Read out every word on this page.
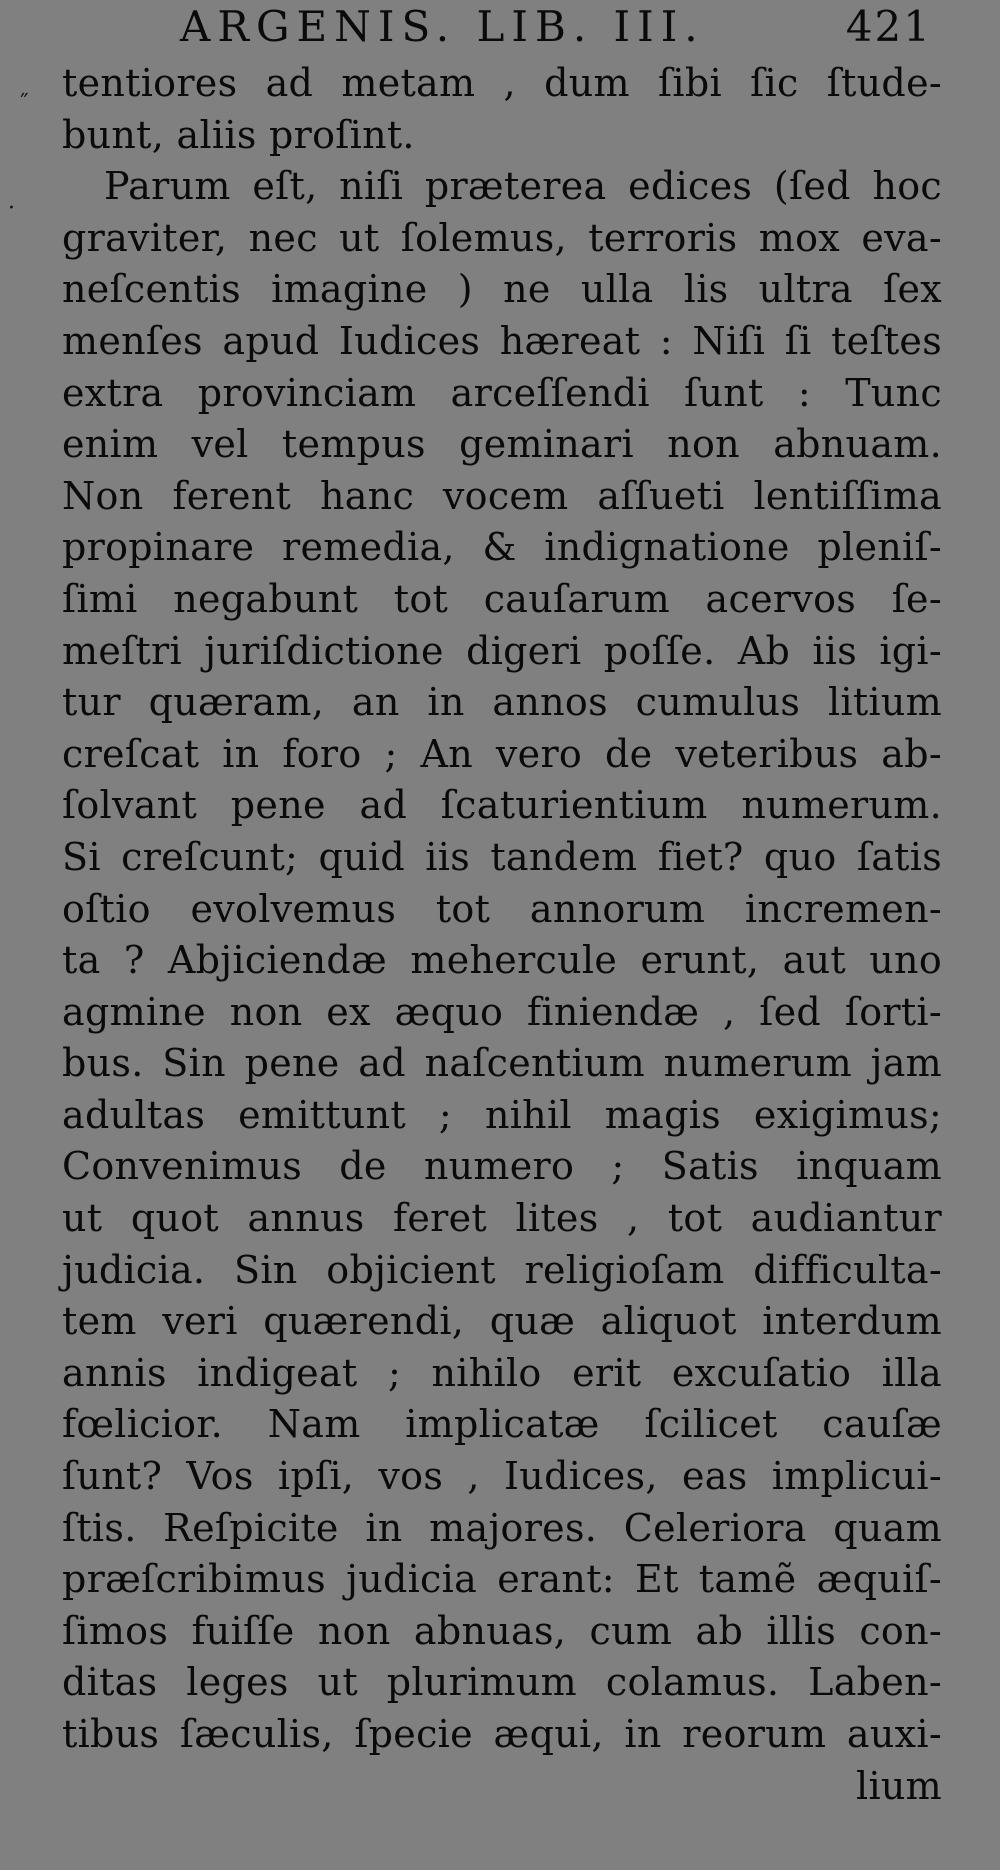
ARGENIS. LIB. III.	421
˝
·
tentiores ad metam , dum ſibi ſic ſtude-
bunt, aliis proſint.
Parum eſt, niſi præterea edices (ſed hoc
graviter, nec ut ſolemus, terroris mox eva-
neſcentis imagine ) ne ulla lis ultra ſex
menſes apud Iudices hæreat : Niſi ſi teſtes
extra provinciam arceſſendi ſunt : Tunc
enim vel tempus geminari non abnuam.
Non ferent hanc vocem aſſueti lentiſſima
propinare remedia, & indignatione pleniſ-
ſimi negabunt tot cauſarum acervos ſe-
meſtri juriſdictione digeri poſſe. Ab iis igi-
tur quæram, an in annos cumulus litium
creſcat in foro ; An vero de veteribus ab-
ſolvant pene ad ſcaturientium numerum.
Si creſcunt; quid iis tandem fiet? quo ſatis
oſtio evolvemus tot annorum incremen-
ta ? Abjiciendæ mehercule erunt, aut uno
agmine non ex æquo finiendæ , ſed ſorti-
bus. Sin pene ad naſcentium numerum jam
adultas emittunt ; nihil magis exigimus;
Convenimus de numero ; Satis inquam
ut quot annus feret lites , tot audiantur
judicia. Sin objicient religioſam difficulta-
tem veri quærendi, quæ aliquot interdum
annis indigeat ; nihilo erit excuſatio illa
fœlicior. Nam implicatæ ſcilicet cauſæ
ſunt? Vos ipſi, vos , Iudices, eas implicui-
ſtis. Reſpicite in majores. Celeriora quam
præſcribimus judicia erant: Et tamẽ æquiſ-
ſimos fuiſſe non abnuas, cum ab illis con-
ditas leges ut plurimum colamus. Laben-
tibus ſæculis, ſpecie æqui, in reorum auxi-
lium
